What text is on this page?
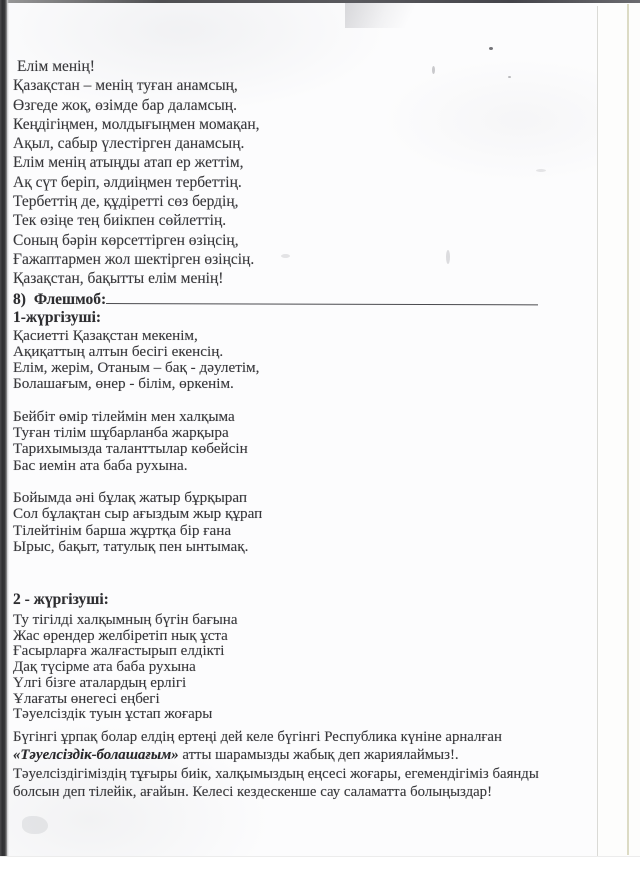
Елім менің!
Қазақстан – менің туған анамсың,
Өзгеде жоқ, өзімде бар даламсың.
Кеңдігіңмен, молдығыңмен момақан,
Ақыл, сабыр үлестірген данамсың.
Елім менің атыңды атап ер жеттім,
Ақ сүт беріп, әлдиіңмен тербеттің.
Тербеттің де, құдіретті сөз бердің,
Тек өзіңе тең биікпен сөйлеттің.
Соның бәрін көрсеттірген өзіңсің,
Ғажаптармен жол шектірген өзіңсің.
Қазақстан, бақытты елім менің!
8) Флешмоб:
1-жүргізуші:
Қасиетті Қазақстан мекенім,
Ақиқаттың алтын бесігі екенсің.
Елім, жерім, Отаным – бақ - дәулетім,
Болашағым, өнер - білім, өркенім.
Бейбіт өмір тілеймін мен халқыма
Туған тілім шұбарланба жарқыра
Тарихымызда таланттылар көбейсін
Бас иемін ата баба рухына.
Бойымда әні бұлақ жатыр бұрқырап
Сол бұлақтан сыр ағыздым жыр құрап
Тілейтінім барша жұртқа бір ғана
Ырыс, бақыт, татулық пен ынтымақ.
2 - жүргізуші:
Ту тігілді халқымның бүгін бағына
Жас өрендер желбіретіп нық ұста
Ғасырларға жалғастырып елдікті
Дақ түсірме ата баба рухына
Үлгі бізге аталардың ерлігі
Ұлағаты өнегесі еңбегі
Тәуелсіздік туын ұстап жоғары
Бүгінгі ұрпақ болар елдің ертеңі дей келе бүгінгі Республика күніне арналған
«Тәуелсіздік-болашағым» атты шарамызды жабық деп жариялаймыз!.
Тәуелсіздігіміздің тұғыры биік, халқымыздың еңсесі жоғары, егемендігіміз баянды
болсын деп тілейік, ағайын. Келесі кездескенше сау саламатта болыңыздар!
